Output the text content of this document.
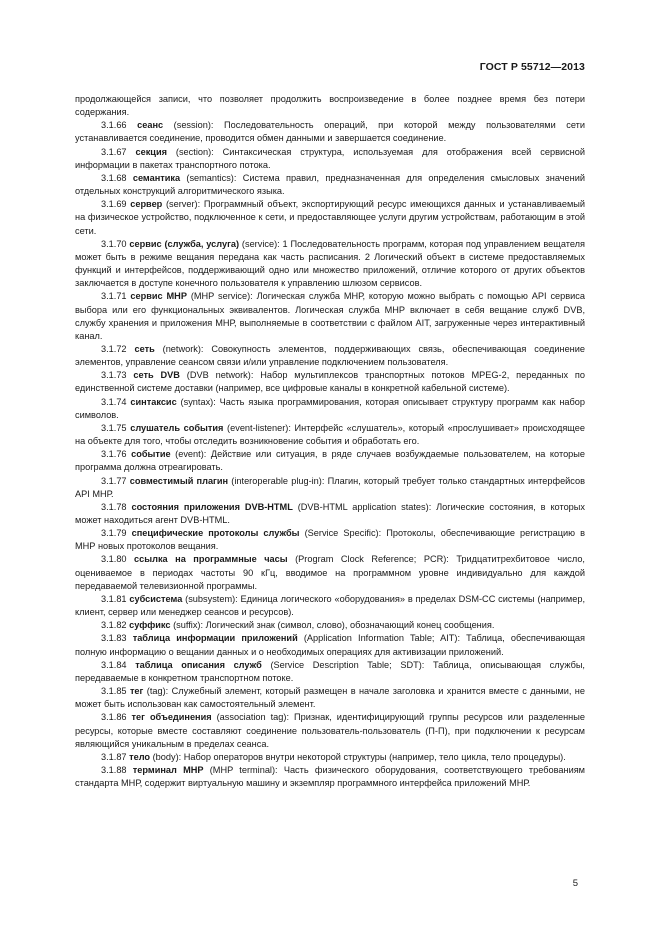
ГОСТ Р 55712—2013

продолжающейся записи, что позволяет продолжить воспроизведение в более позднее время без потери содержания.

3.1.66 сеанс (session): Последовательность операций, при которой между пользователями сети устанавливается соединение, проводится обмен данными и завершается соединение.

3.1.67 секция (section): Синтаксическая структура, используемая для отображения всей сервисной информации в пакетах транспортного потока.

3.1.68 семантика (semantics): Система правил, предназначенная для определения смысловых значений отдельных конструкций алгоритмического языка.

3.1.69 сервер (server): Программный объект, экспортирующий ресурс имеющихся данных и устанавливаемый на физическое устройство, подключенное к сети, и предоставляющее услуги другим устройствам, работающим в этой сети.

3.1.70 сервис (служба, услуга) (service): 1 Последовательность программ, которая под управлением вещателя может быть в режиме вещания передана как часть расписания. 2 Логический объект в системе предоставляемых функций и интерфейсов, поддерживающий одно или множество приложений, отличие которого от других объектов заключается в доступе конечного пользователя к управлению шлюзом сервисов.

3.1.71 сервис МНР (MHP service): Логическая служба МНР, которую можно выбрать с помощью API сервиса выбора или его функциональных эквивалентов. Логическая служба МНР включает в себя вещание служб DVB, службу хранения и приложения МНР, выполняемые в соответствии с файлом AIT, загруженные через интерактивный канал.

3.1.72 сеть (network): Совокупность элементов, поддерживающих связь, обеспечивающая соединение элементов, управление сеансом связи и/или управление подключением пользователя.

3.1.73 сеть DVB (DVB network): Набор мультиплексов транспортных потоков MPEG-2, переданных по единственной системе доставки (например, все цифровые каналы в конкретной кабельной системе).

3.1.74 синтаксис (syntax): Часть языка программирования, которая описывает структуру программ как набор символов.

3.1.75 слушатель события (event-listener): Интерфейс «слушатель», который «прослушивает» происходящее на объекте для того, чтобы отследить возникновение события и обработать его.

3.1.76 событие (event): Действие или ситуация, в ряде случаев возбуждаемые пользователем, на которые программа должна отреагировать.

3.1.77 совместимый плагин (interoperable plug-in): Плагин, который требует только стандартных интерфейсов API МНР.

3.1.78 состояния приложения DVB-HTML (DVB-HTML application states): Логические состояния, в которых может находиться агент DVB-HTML.

3.1.79 специфические протоколы службы (Service Specific): Протоколы, обеспечивающие регистрацию в МНР новых протоколов вещания.

3.1.80 ссылка на программные часы (Program Clock Reference; PCR): Тридцатитрехбитовое число, оцениваемое в периодах частоты 90 кГц, вводимое на программном уровне индивидуально для каждой передаваемой телевизионной программы.

3.1.81 субсистема (subsystem): Единица логического «оборудования» в пределах DSM-CC системы (например, клиент, сервер или менеджер сеансов и ресурсов).

3.1.82 суффикс (suffix): Логический знак (символ, слово), обозначающий конец сообщения.

3.1.83 таблица информации приложений (Application Information Table; AIT): Таблица, обеспечивающая полную информацию о вещании данных и о необходимых операциях для активизации приложений.

3.1.84 таблица описания служб (Service Description Table; SDT): Таблица, описывающая службы, передаваемые в конкретном транспортном потоке.

3.1.85 тег (tag): Служебный элемент, который размещен в начале заголовка и хранится вместе с данными, не может быть использован как самостоятельный элемент.

3.1.86 тег объединения (association tag): Признак, идентифицирующий группы ресурсов или разделенные ресурсы, которые вместе составляют соединение пользователь-пользователь (П-П), при подключении к ресурсам являющийся уникальным в пределах сеанса.

3.1.87 тело (body): Набор операторов внутри некоторой структуры (например, тело цикла, тело процедуры).

3.1.88 терминал МНР (MHP terminal): Часть физического оборудования, соответствующего требованиям стандарта МНР, содержит виртуальную машину и экземпляр программного интерфейса приложений МНР.

5
